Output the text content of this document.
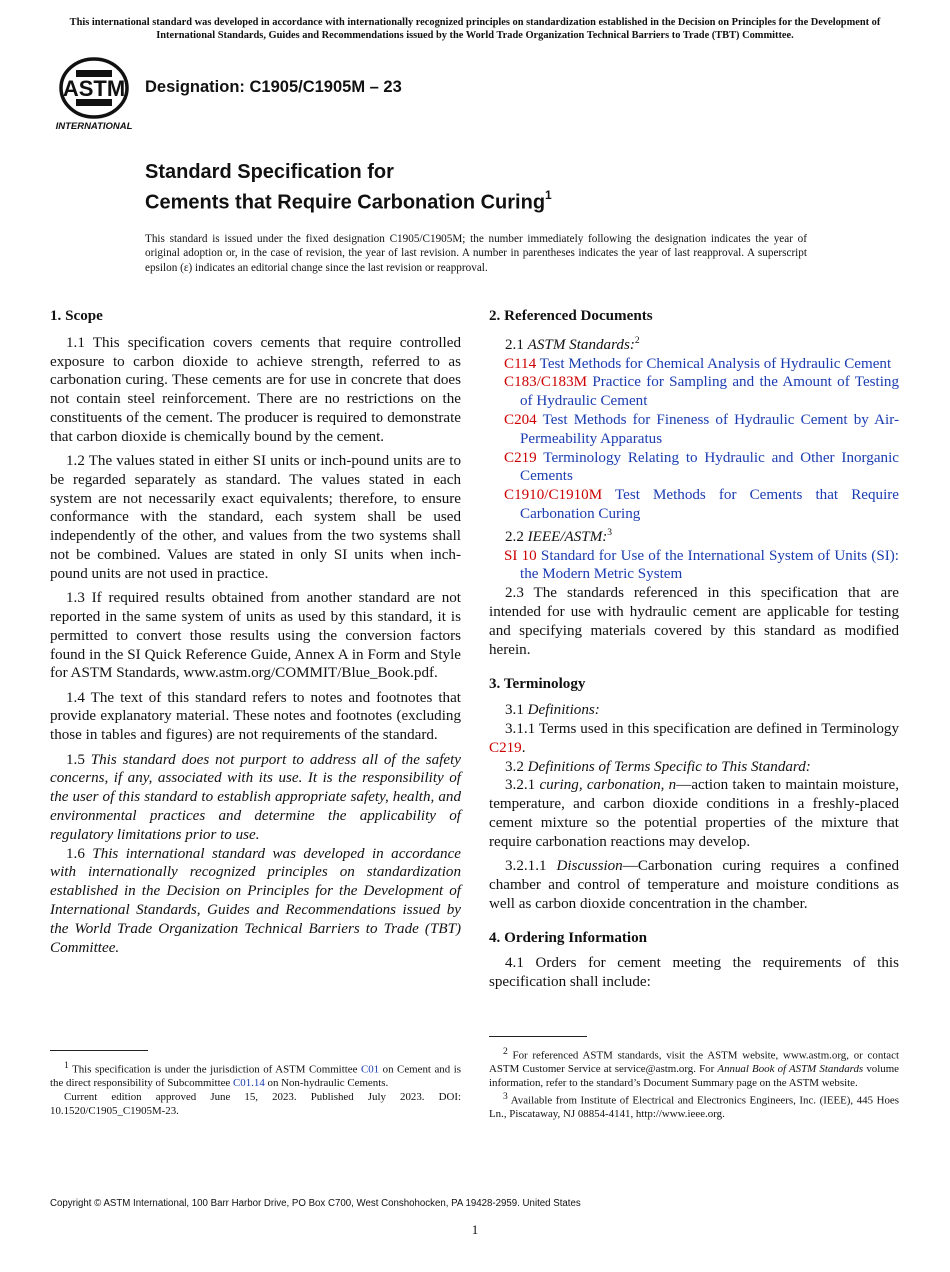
This international standard was developed in accordance with internationally recognized principles on standardization established in the Decision on Principles for the Development of International Standards, Guides and Recommendations issued by the World Trade Organization Technical Barriers to Trade (TBT) Committee.
ASTM
INTERNATIONAL
Designation: C1905/C1905M – 23
Standard Specification for
Cements that Require Carbonation Curing$^1$
This standard is issued under the fixed designation C1905/C1905M; the number immediately following the designation indicates the year of original adoption or, in the case of revision, the year of last revision. A number in parentheses indicates the year of last reapproval. A superscript epsilon (ε) indicates an editorial change since the last revision or reapproval.
1. Scope

1.1 This specification covers cements that require controlled exposure to carbon dioxide to achieve strength, referred to as carbonation curing. These cements are for use in concrete that does not contain steel reinforcement. There are no restrictions on the constituents of the cement. The producer is required to demonstrate that carbon dioxide is chemically bound by the cement.

1.2 The values stated in either SI units or inch-pound units are to be regarded separately as standard. The values stated in each system are not necessarily exact equivalents; therefore, to ensure conformance with the standard, each system shall be used independently of the other, and values from the two systems shall not be combined. Values are stated in only SI units when inch-pound units are not used in practice.

1.3 If required results obtained from another standard are not reported in the same system of units as used by this standard, it is permitted to convert those results using the conversion factors found in the SI Quick Reference Guide, Annex A in Form and Style for ASTM Standards, www.astm.org/COMMIT/Blue_Book.pdf.

1.4 The text of this standard refers to notes and footnotes that provide explanatory material. These notes and footnotes (excluding those in tables and figures) are not requirements of the standard.

1.5 This standard does not purport to address all of the safety concerns, if any, associated with its use. It is the responsibility of the user of this standard to establish appropriate safety, health, and environmental practices and determine the applicability of regulatory limitations prior to use.

1.6 This international standard was developed in accordance with internationally recognized principles on standardization established in the Decision on Principles for the Development of International Standards, Guides and Recommendations issued by the World Trade Organization Technical Barriers to Trade (TBT) Committee.

2. Referenced Documents
2.1 ASTM Standards:$^2$
C114 Test Methods for Chemical Analysis of Hydraulic Cement
C183/C183M Practice for Sampling and the Amount of Testing of Hydraulic Cement
C204 Test Methods for Fineness of Hydraulic Cement by Air-Permeability Apparatus
C219 Terminology Relating to Hydraulic and Other Inorganic Cements
C1910/C1910M Test Methods for Cements that Require Carbonation Curing
2.2 IEEE/ASTM:$^3$
SI 10 Standard for Use of the International System of Units (SI): the Modern Metric System

2.3 The standards referenced in this specification that are intended for use with hydraulic cement are applicable for testing and specifying materials covered by this standard as modified herein.

3. Terminology

3.1 Definitions:

3.1.1 Terms used in this specification are defined in Terminology C219.

3.2 Definitions of Terms Specific to This Standard:

3.2.1 curing, carbonation, n—action taken to maintain moisture, temperature, and carbon dioxide conditions in a freshly-placed cement mixture so the potential properties of the mixture that require carbonation reactions may develop.

3.2.1.1 Discussion—Carbonation curing requires a confined chamber and control of temperature and moisture conditions as well as carbon dioxide concentration in the chamber.

4. Ordering Information

4.1 Orders for cement meeting the requirements of this specification shall include:

$^1$ This specification is under the jurisdiction of ASTM Committee C01 on Cement and is the direct responsibility of Subcommittee C01.14 on Non-hydraulic Cements.

Current edition approved June 15, 2023. Published July 2023. DOI: 10.1520/C1905_C1905M-23.

$^2$ For referenced ASTM standards, visit the ASTM website, www.astm.org, or contact ASTM Customer Service at service@astm.org. For Annual Book of ASTM Standards volume information, refer to the standard’s Document Summary page on the ASTM website.

$^3$ Available from Institute of Electrical and Electronics Engineers, Inc. (IEEE), 445 Hoes Ln., Piscataway, NJ 08854-4141, http://www.ieee.org.

Copyright © ASTM International, 100 Barr Harbor Drive, PO Box C700, West Conshohocken, PA 19428-2959. United States
1
